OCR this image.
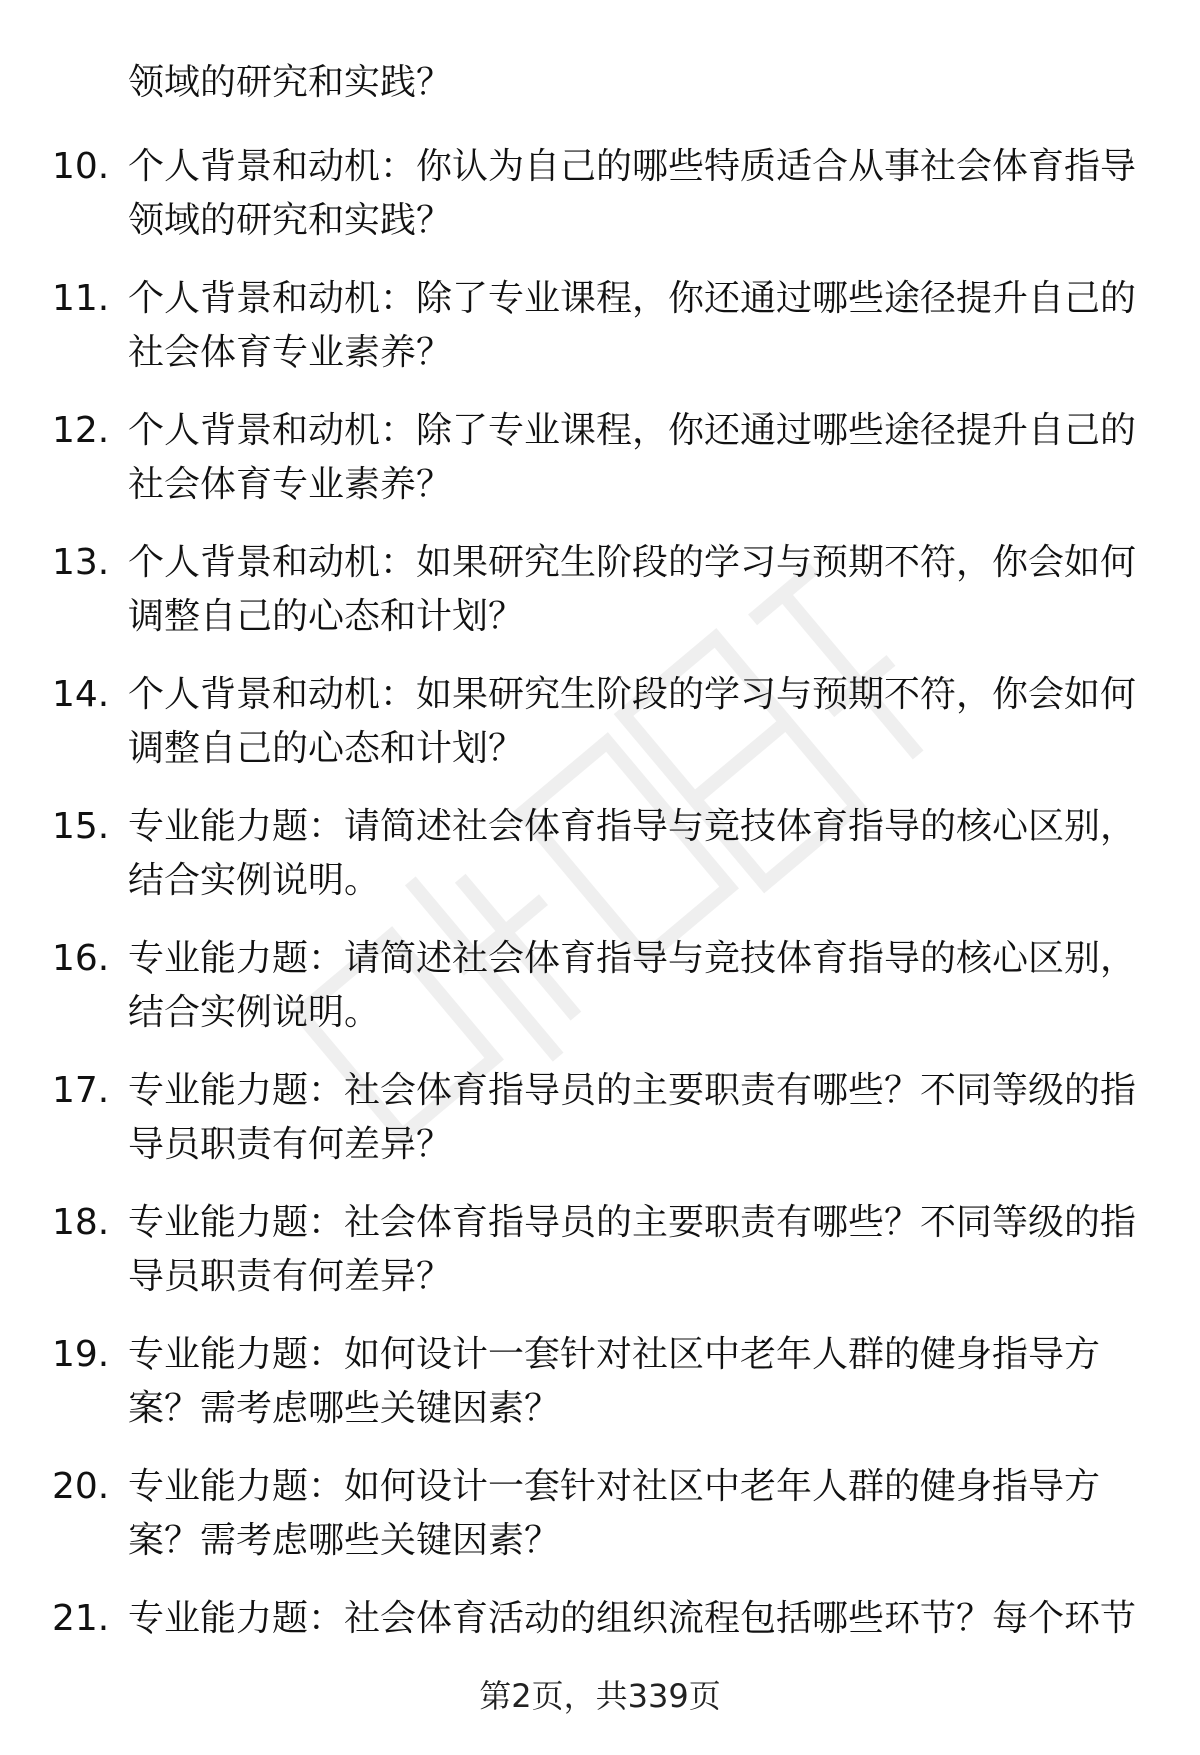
领域的研究和实践？
10. 个人背景和动机：你认为自己的哪些特质适合从事社会体育指导
领域的研究和实践？
11. 个人背景和动机：除了专业课程，你还通过哪些途径提升自己的
社会体育专业素养？
12. 个人背景和动机：除了专业课程，你还通过哪些途径提升自己的
社会体育专业素养？
13. 个人背景和动机：如果研究生阶段的学习与预期不符，你会如何
调整自己的心态和计划？
14. 个人背景和动机：如果研究生阶段的学习与预期不符，你会如何
调整自己的心态和计划？
15. 专业能力题：请简述社会体育指导与竞技体育指导的核心区别，
结合实例说明。
16. 专业能力题：请简述社会体育指导与竞技体育指导的核心区别，
结合实例说明。
17. 专业能力题：社会体育指导员的主要职责有哪些？不同等级的指
导员职责有何差异？
18. 专业能力题：社会体育指导员的主要职责有哪些？不同等级的指
导员职责有何差异？
19. 专业能力题：如何设计一套针对社区中老年人群的健身指导方
案？需考虑哪些关键因素？
20. 专业能力题：如何设计一套针对社区中老年人群的健身指导方
案？需考虑哪些关键因素？
21. 专业能力题：社会体育活动的组织流程包括哪些环节？每个环节
第2页，共339页
